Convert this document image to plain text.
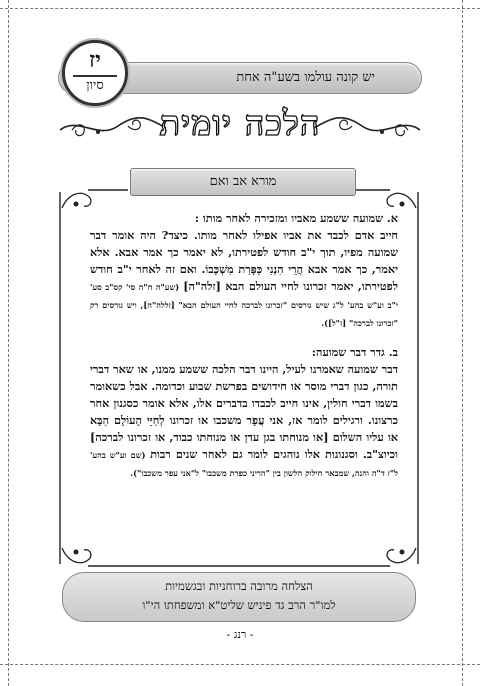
יש קונה עולמו בשע"ה אחת
יז
סיון
הלכה יומית
מורא אב ואם

א. שמועה ששמע מאביו ומזכירה לאחר מותו :

חייב אדם לכבד את אביו אפילו לאחר מותו. כיצד? היה אומר דבר שמועה מפיו, תוך י"ב חודש לפטירתו, לא יאמר כך אמר אבא. אלא יאמר, כך אמר אבא הֲרֵי הִנְנִי כַּפָּרַת מִשְׁכָּבוֹ. ואם זה לאחר י"ב חודש לפטירתו, יאמר זכרונו לחיי העולם הבא [זלה"ה] (שע"ה ח"ה סי' קס"ב סע' י"ב וע"ש בהע' ל"ג שיש גורסים "זכרונו לברכה לחיי העולם הבא" [זללה"ה], ויש גורסים רק "זכרונו לברכה" [ז"ל]).

ב. גדר דבר שמועה:

דבר שמועה שאמרנו לעיל, היינו דבר הלכה ששמע ממנו, או שאר דברי תורה, כגון דברי מוסר או חידושים בפרשת שבוע וכדומה. אבל כשאומר בשמו דברי חולין, אינו חייב לכבדו בדברים אלו, אלא אומר כסגנון אחר כרצונו. ורגילים לומר אז, אני עֲפָר משכבו או זכרונו לְחַיֵּי הָעוֹלָם הַבָּא או עליו השלום [או מנוחתו בגן עדן או מנוחתו כבוד, או זכרונו לברכה] וכיוצ"ב. וסגנונות אלו נוהגים לומר גם לאחר שנים רבות (שם וע"ש בהע' ל"ז ד"ה והנה, שמבאר חילוק הלשון בין "הריני כפרת משכבו" ל"אני עפר משכבו").

הצלחה מרובה ברוחניות ובגשמיות
למו"ר הרב גד פיניש שליט"א ומשפחתו הי"ו
- רנג -
